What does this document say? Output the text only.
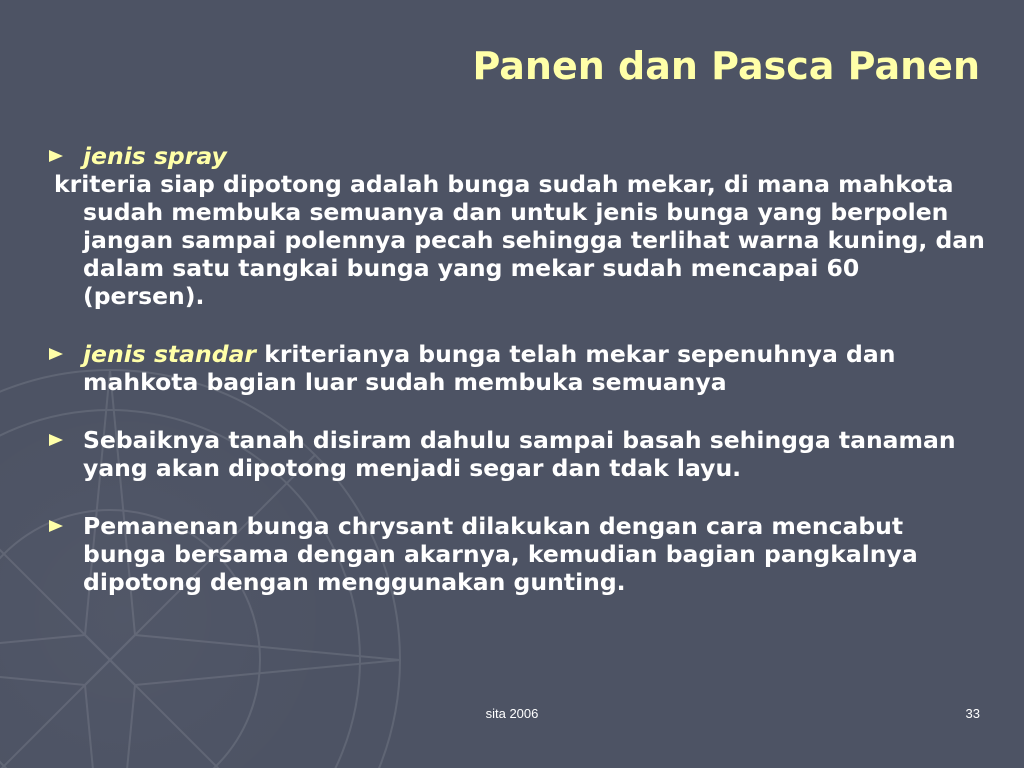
Panen dan Pasca Panen
jenis spray
kriteria siap dipotong adalah bunga sudah mekar, di mana mahkota sudah membuka semuanya dan untuk jenis bunga yang berpolen jangan sampai polennya pecah sehingga terlihat warna kuning, dan dalam satu tangkai bunga yang mekar sudah mencapai 60 (persen).
jenis standar kriterianya bunga telah mekar sepenuhnya dan mahkota bagian luar sudah membuka semuanya
Sebaiknya tanah disiram dahulu sampai basah sehingga tanaman yang akan dipotong menjadi segar dan tdak layu.
Pemanenan bunga chrysant dilakukan dengan cara mencabut bunga bersama dengan akarnya, kemudian bagian pangkalnya dipotong dengan menggunakan gunting.
sita 2006	33
